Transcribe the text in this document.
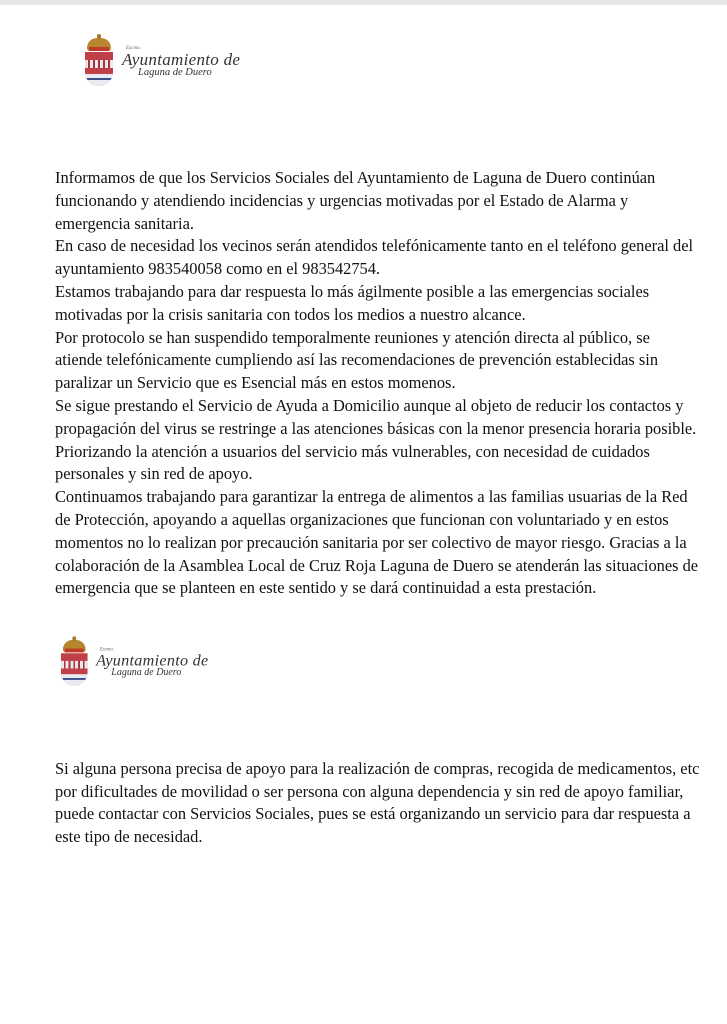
Excmo.
Ayuntamiento de
Laguna de Duero
Informamos de que los Servicios Sociales del Ayuntamiento de Laguna de Duero continúan
funcionando y atendiendo incidencias y urgencias motivadas por el Estado de Alarma y
emergencia sanitaria.
En caso de necesidad los vecinos serán atendidos telefónicamente tanto en el teléfono general del
ayuntamiento 983540058 como en el 983542754.
Estamos trabajando para dar respuesta lo más ágilmente posible a las emergencias sociales
motivadas por la crisis sanitaria con todos los medios a nuestro alcance.
Por protocolo se han suspendido temporalmente reuniones y atención directa al público, se
atiende telefónicamente cumpliendo así las recomendaciones de prevención establecidas sin
paralizar un Servicio que es Esencial más en estos momenos.
Se sigue prestando el Servicio de Ayuda a Domicilio aunque al objeto de reducir los contactos y
propagación del virus se restringe a las atenciones básicas con la menor presencia horaria posible.
Priorizando la atención a usuarios del servicio más vulnerables, con necesidad de cuidados
personales y sin red de apoyo.
Continuamos trabajando para garantizar la entrega de alimentos a las familias usuarias de la Red
de Protección, apoyando a aquellas organizaciones que funcionan con voluntariado y en estos
momentos no lo realizan por precaución sanitaria por ser colectivo de mayor riesgo. Gracias a la
colaboración de la Asamblea Local de Cruz Roja Laguna de Duero se atenderán las situaciones de
emergencia que se planteen en este sentido y se dará continuidad a esta prestación.
Excmo.
Ayuntamiento de
Laguna de Duero
Si alguna persona precisa de apoyo para la realización de compras, recogida de medicamentos, etc
por dificultades de movilidad o ser persona con alguna dependencia y sin red de apoyo familiar,
puede contactar con Servicios Sociales, pues se está organizando un servicio para dar respuesta a
este tipo de necesidad.
